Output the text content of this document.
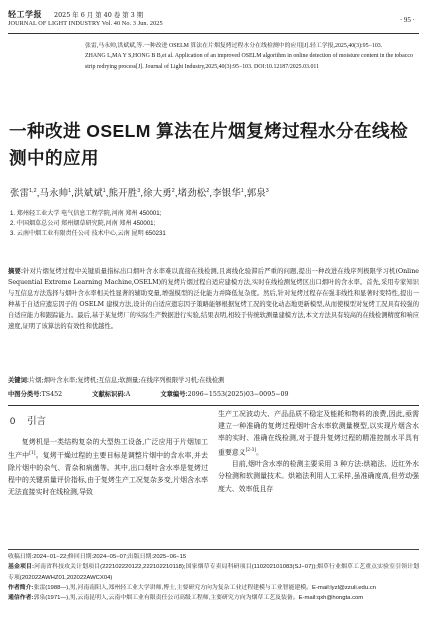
轻工学报 2025 年 6 月 第 40 卷 第 3 期
JOURNAL OF LIGHT INDUSTRY Vol. 40 No. 3 Jun. 2025	· 95 ·

张雷,马永帅,洪斌斌,等.一种改进 OSELM 算法在片烟复烤过程水分在线检测中的应用[J].轻工学报,2025,40(3):95−103.

ZHANG L,MA Y S,HONG B B,et al. Application of an improved OSELM algorithm in online detection of moisture content in the tobacco strip redrying process[J]. Journal of Light Industry,2025,40(3):95−103. DOI:10.12187/2025.03.011

一种改进 OSELM 算法在片烟复烤过程水分在线检测中的应用
张雷$^{1,2}$,马永帅$^1$,洪斌斌$^1$,熊开胜$^3$,徐大勇$^2$,堵劲松$^2$,李银华$^1$,郭泉$^3$
1. 郑州轻工业大学 电气信息工程学院,河南 郑州 450001;
2. 中国烟草总公司 郑州烟草研究院,河南 郑州 450001;
3. 云南中烟工业有限责任公司 技术中心,云南 昆明 650231
摘要:针对片烟复烤过程中关键质量指标出口烟叶含水率难以直接在线检测,且离线化验滞后严重的问题,提出一种改进在线序列极限学习机(Online Sequential Extreme Learning Machine,OSELM)的复烤片烟过程自适应建模方法,实时在线检测复烤区出口烟叶的含水率。首先,采用专家知识与互信息方法选择与烟叶含水率相关性显著的辅助变量,增强模型的泛化能力并降低复杂度。然后,针对复烤过程存在强非线性和显著时变特性,提出一种基于自适应遗忘因子的 OSELM 建模方法,设计的自适应遗忘因子策略能够根据复烤工况的变化动态地更新模型,从而使模型对复烤工况具有较强的自适应能力和跟踪能力。最后,基于某复烤厂的实际生产数据进行实验,结果表明,相较于传统软测量建模方法,本文方法具有较高的在线检测精度和响应速度,证明了该算法的有效性和优越性。
关键词:片烟;烟叶含水率;复烤机;互信息;软测量;在线序列极限学习机;在线检测
中图分类号:TS452	文献标识码:A	文章编号:2096−1553(2025)03−0095−09
0 引言

复烤机是一类结构复杂的大型热工设备,广泛应用于片烟加工生产中[1]。复烤干燥过程的主要目标是调整片烟中的含水率,并去除片烟中的杂气、青杂和病菌等。其中,出口烟叶含水率是复烤过程中的关键质量评价指标,由于复烤生产工况复杂多变,片烟含水率无法直接实时在线检测,导致

生产工况波动大、产品品质不稳定及能耗和物料的浪费,因此,亟需建立一种准确的复烤过程烟叶含水率软测量模型,以实现片烟含水率的实时、准确在线检测,对于提升复烤过程的精准控制水平具有重要意义[2-3]。

目前,烟叶含水率的检测主要采用 3 种方法:烘箱法、近红外水分检测和软测量技术。烘箱法利用人工采样,虽准确度高,但劳动强度大、效率低且存

收稿日期:2024−01−22;修回日期:2024−05−07;出版日期:2025−06−15
基金项目:河南省科技攻关计划项目(222102220122,222102210118);国家烟草专卖局科研项目(110202101083(SJ−07));烟草行业烟草工艺重点实验室引领计划专项(202022AWHZ01,202022AWCX04)
作者简介:张雷(1988—),男,河南南阳人,郑州轻工业大学讲师,博士,主要研究方向为复杂工业过程建模与工业智能建模。E-mail:lyzl@zzuli.edu.cn
通信作者:郭泉(1971—),男,云南昆明人,云南中烟工业有限责任公司高级工程师,主要研究方向为烟草工艺及装备。E-mail:qxh@hongta.com
